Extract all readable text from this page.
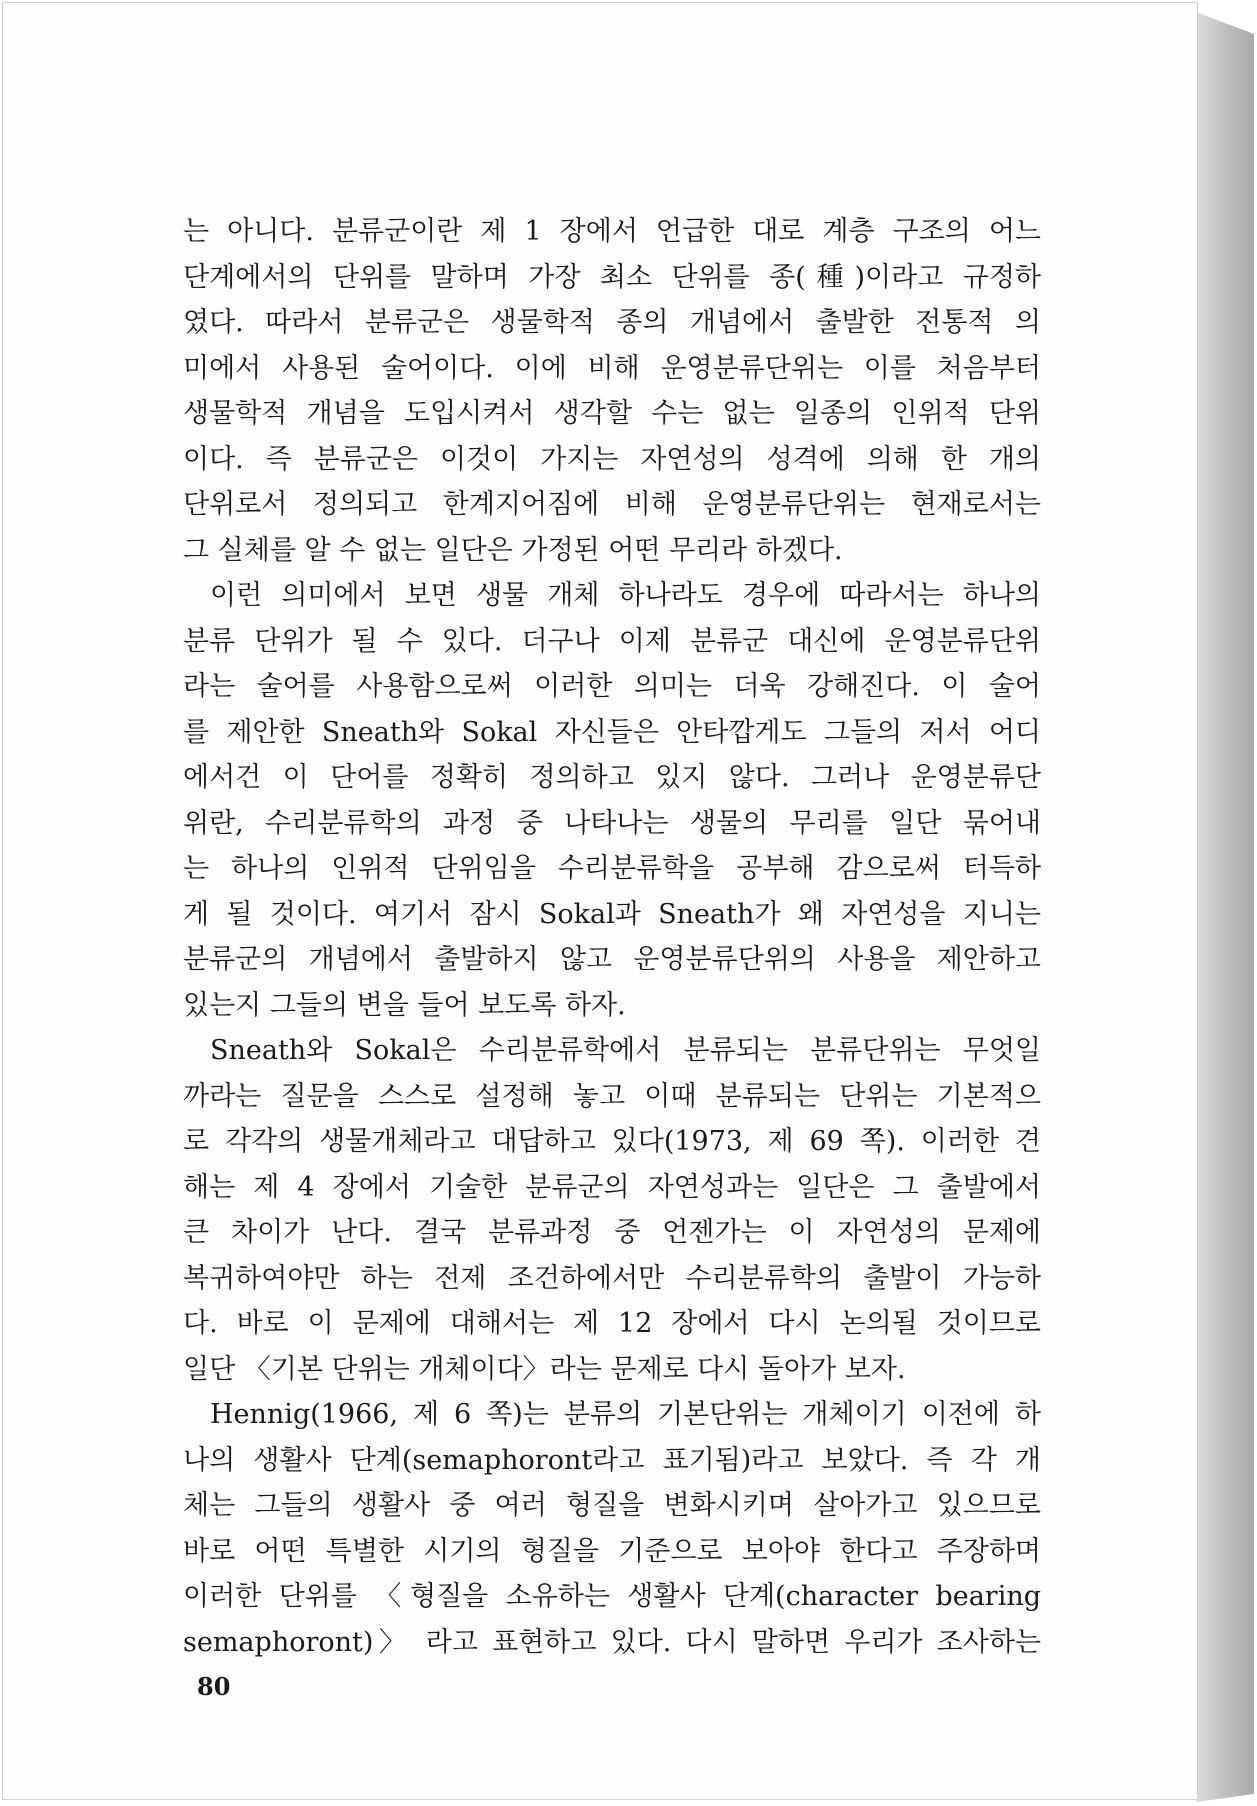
는 아니다. 분류군이란 제 1 장에서 언급한 대로 계층 구조의 어느
단계에서의 단위를 말하며 가장 최소 단위를 종(種)이라고 규정하
였다. 따라서 분류군은 생물학적 종의 개념에서 출발한 전통적 의
미에서 사용된 술어이다. 이에 비해 운영분류단위는 이를 처음부터
생물학적 개념을 도입시켜서 생각할 수는 없는 일종의 인위적 단위
이다. 즉 분류군은 이것이 가지는 자연성의 성격에 의해 한 개의
단위로서 정의되고 한계지어짐에 비해 운영분류단위는 현재로서는
그 실체를 알 수 없는 일단은 가정된 어떤 무리라 하겠다.
이런 의미에서 보면 생물 개체 하나라도 경우에 따라서는 하나의
분류 단위가 될 수 있다. 더구나 이제 분류군 대신에 운영분류단위
라는 술어를 사용함으로써 이러한 의미는 더욱 강해진다. 이 술어
를 제안한 Sneath와 Sokal 자신들은 안타깝게도 그들의 저서 어디
에서건 이 단어를 정확히 정의하고 있지 않다. 그러나 운영분류단
위란, 수리분류학의 과정 중 나타나는 생물의 무리를 일단 묶어내
는 하나의 인위적 단위임을 수리분류학을 공부해 감으로써 터득하
게 될 것이다. 여기서 잠시 Sokal과 Sneath가 왜 자연성을 지니는
분류군의 개념에서 출발하지 않고 운영분류단위의 사용을 제안하고
있는지 그들의 변을 들어 보도록 하자.
Sneath와 Sokal은 수리분류학에서 분류되는 분류단위는 무엇일
까라는 질문을 스스로 설정해 놓고 이때 분류되는 단위는 기본적으
로 각각의 생물개체라고 대답하고 있다(1973, 제 69 쪽). 이러한 견
해는 제 4 장에서 기술한 분류군의 자연성과는 일단은 그 출발에서
큰 차이가 난다. 결국 분류과정 중 언젠가는 이 자연성의 문제에
복귀하여야만 하는 전제 조건하에서만 수리분류학의 출발이 가능하
다. 바로 이 문제에 대해서는 제 12 장에서 다시 논의될 것이므로
일단 〈기본 단위는 개체이다〉라는 문제로 다시 돌아가 보자.
Hennig(1966, 제 6 쪽)는 분류의 기본단위는 개체이기 이전에 하
나의 생활사 단계(semaphoront라고 표기됨)라고 보았다. 즉 각 개
체는 그들의 생활사 중 여러 형질을 변화시키며 살아가고 있으므로
바로 어떤 특별한 시기의 형질을 기준으로 보아야 한다고 주장하며
이러한 단위를 〈형질을 소유하는 생활사 단계(character bearing
semaphoront)〉 라고 표현하고 있다. 다시 말하면 우리가 조사하는
80
